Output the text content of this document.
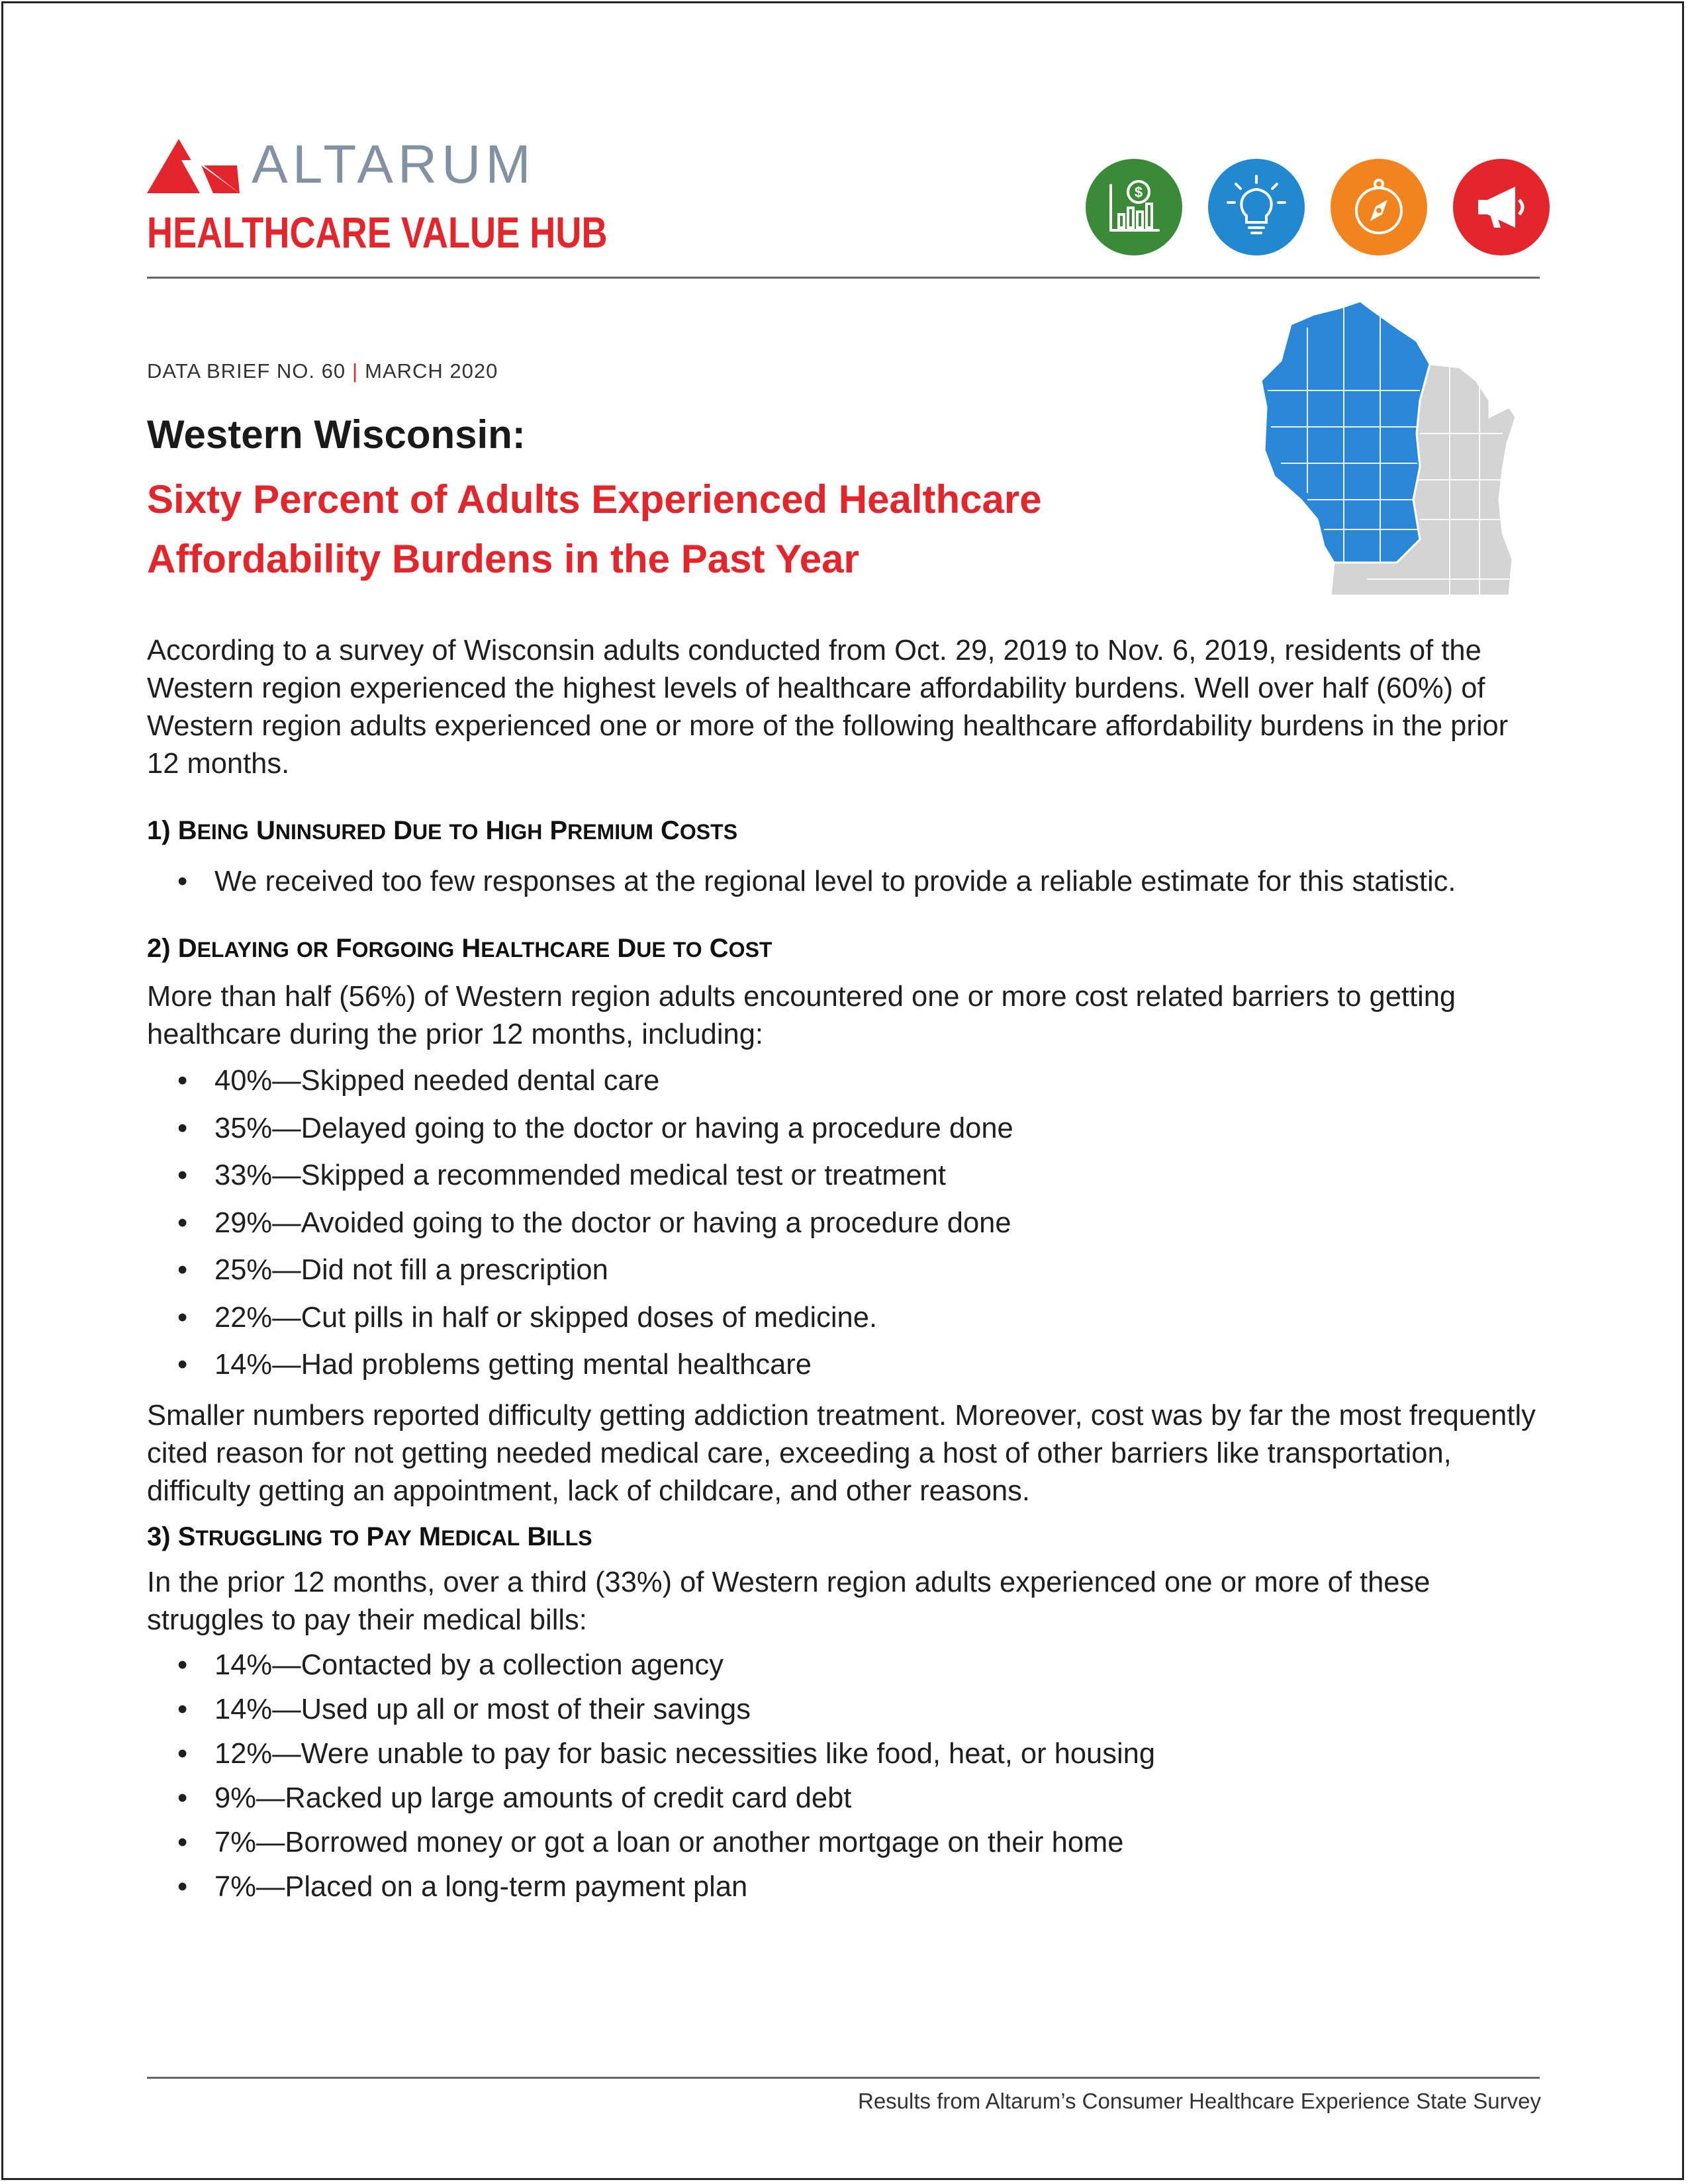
ALTARUM
HEALTHCARE VALUE HUB
$
DATA BRIEF NO. 60 | MARCH 2020
Western Wisconsin:
Sixty Percent of Adults Experienced Healthcare Affordability Burdens in the Past Year

According to a survey of Wisconsin adults conducted from Oct. 29, 2019 to Nov. 6, 2019, residents of the Western region experienced the highest levels of healthcare affordability burdens. Well over half (60%) of Western region adults experienced one or more of the following healthcare affordability burdens in the prior 12 months.

1) BEING UNINSURED DUE TO HIGH PREMIUM COSTS

• We received too few responses at the regional level to provide a reliable estimate for this statistic.

2) DELAYING OR FORGOING HEALTHCARE DUE TO COST

More than half (56%) of Western region adults encountered one or more cost related barriers to getting healthcare during the prior 12 months, including:

• 40%—Skipped needed dental care
• 35%—Delayed going to the doctor or having a procedure done
• 33%—Skipped a recommended medical test or treatment
• 29%—Avoided going to the doctor or having a procedure done
• 25%—Did not fill a prescription
• 22%—Cut pills in half or skipped doses of medicine.
• 14%—Had problems getting mental healthcare

Smaller numbers reported difficulty getting addiction treatment. Moreover, cost was by far the most frequently cited reason for not getting needed medical care, exceeding a host of other barriers like transportation, difficulty getting an appointment, lack of childcare, and other reasons.

3) STRUGGLING TO PAY MEDICAL BILLS

In the prior 12 months, over a third (33%) of Western region adults experienced one or more of these struggles to pay their medical bills:

• 14%—Contacted by a collection agency
• 14%—Used up all or most of their savings
• 12%—Were unable to pay for basic necessities like food, heat, or housing
• 9%—Racked up large amounts of credit card debt
• 7%—Borrowed money or got a loan or another mortgage on their home
• 7%—Placed on a long-term payment plan
Results from Altarum’s Consumer Healthcare Experience State Survey
